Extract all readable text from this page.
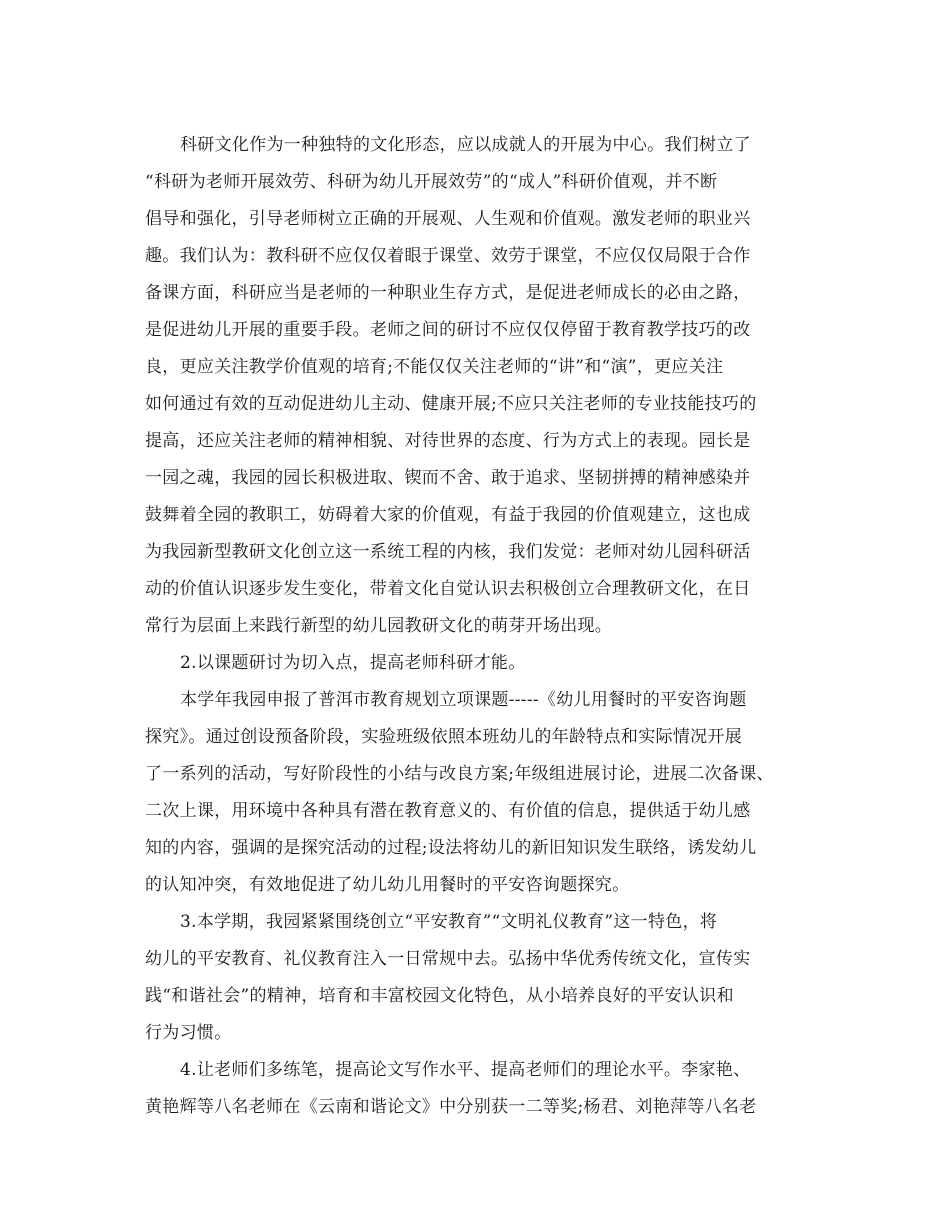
科研文化作为一种独特的文化形态，应以成就人的开展为中心。我们树立了

“科研为老师开展效劳、科研为幼儿开展效劳”的“成人”科研价值观，并不断

倡导和强化，引导老师树立正确的开展观、人生观和价值观。激发老师的职业兴

趣。我们认为：教科研不应仅仅着眼于课堂、效劳于课堂，不应仅仅局限于合作

备课方面，科研应当是老师的一种职业生存方式，是促进老师成长的必由之路，

是促进幼儿开展的重要手段。老师之间的研讨不应仅仅停留于教育教学技巧的改

良，更应关注教学价值观的培育;不能仅仅关注老师的“讲”和“演”，更应关注

如何通过有效的互动促进幼儿主动、健康开展;不应只关注老师的专业技能技巧的

提高，还应关注老师的精神相貌、对待世界的态度、行为方式上的表现。园长是

一园之魂，我园的园长积极进取、锲而不舍、敢于追求、坚韧拼搏的精神感染并

鼓舞着全园的教职工，妨碍着大家的价值观，有益于我园的价值观建立，这也成

为我园新型教研文化创立这一系统工程的内核，我们发觉：老师对幼儿园科研活

动的价值认识逐步发生变化，带着文化自觉认识去积极创立合理教研文化，在日

常行为层面上来践行新型的幼儿园教研文化的萌芽开场出现。

2.以课题研讨为切入点，提高老师科研才能。

本学年我园申报了普洱市教育规划立项课题-----《幼儿用餐时的平安咨询题

探究》。通过创设预备阶段，实验班级依照本班幼儿的年龄特点和实际情况开展

了一系列的活动，写好阶段性的小结与改良方案;年级组进展讨论，进展二次备课、

二次上课，用环境中各种具有潜在教育意义的、有价值的信息，提供适于幼儿感

知的内容，强调的是探究活动的过程;设法将幼儿的新旧知识发生联络，诱发幼儿

的认知冲突，有效地促进了幼儿幼儿用餐时的平安咨询题探究。

3.本学期，我园紧紧围绕创立“平安教育”“文明礼仪教育”这一特色，将

幼儿的平安教育、礼仪教育注入一日常规中去。弘扬中华优秀传统文化，宣传实

践“和谐社会”的精神，培育和丰富校园文化特色，从小培养良好的平安认识和

行为习惯。

4.让老师们多练笔，提高论文写作水平、提高老师们的理论水平。李家艳、

黄艳辉等八名老师在《云南和谐论文》中分别获一二等奖;杨君、刘艳萍等八名老
